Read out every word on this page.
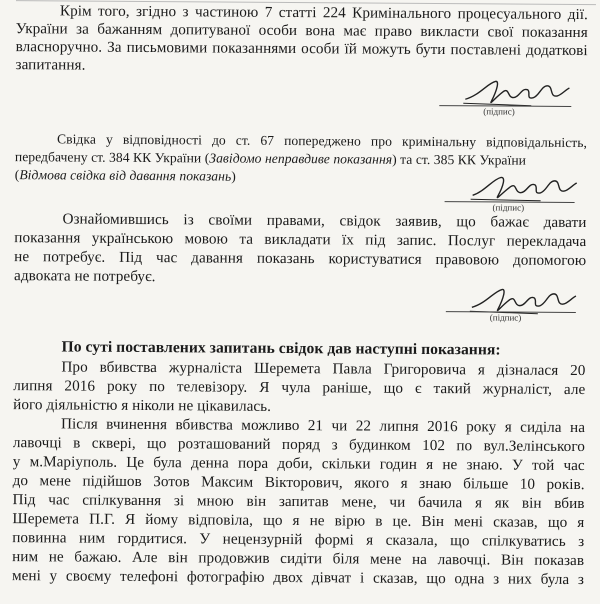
Крім того, згідно з частиною 7 статті 224 Кримінального процесуального дії.
України за бажанням допитуваної особи вона має право викласти свої показання
власноручно. За письмовими показаннями особи їй можуть бути поставлені додаткові
запитання.
(підпис)
Свідка у відповідності до ст. 67 попереджено про кримінальну відповідальність,
передбачену ст. 384 КК України (Завідомо неправдиве показання) та ст. 385 КК України
(Відмова свідка від давання показань)
(підпис)
Ознайомившись із своїми правами, свідок заявив, що бажає давати
показання українською мовою та викладати їх під запис. Послуг перекладача
не потребує. Під час давання показань користуватися правовою допомогою
адвоката не потребує.
(підпис)
По суті поставлених запитань свідок дав наступні показання:
Про вбивства журналіста Шеремета Павла Григоровича я дізналася 20
липня 2016 року по телевізору. Я чула раніше, що є такий журналіст, але
його діяльністю я ніколи не цікавилась.
Після вчинення вбивства можливо 21 чи 22 липня 2016 року я сиділа на
лавочці в сквері, що розташований поряд з будинком 102 по вул.Зелінського
у м.Маріуполь. Це була денна пора доби, скільки годин я не знаю. У той час
до мене підійшов Зотов Максим Вікторович, якого я знаю більше 10 років.
Під час спілкування зі мною він запитав мене, чи бачила я як він вбив
Шеремета П.Г. Я йому відповіла, що я не вірю в це. Він мені сказав, що я
повинна ним гордитися. У нецензурній формі я сказала, що спілкуватись з
ним не бажаю. Але він продовжив сидіти біля мене на лавочці. Він показав
мені у своєму телефоні фотографію двох дівчат і сказав, що одна з них була з
